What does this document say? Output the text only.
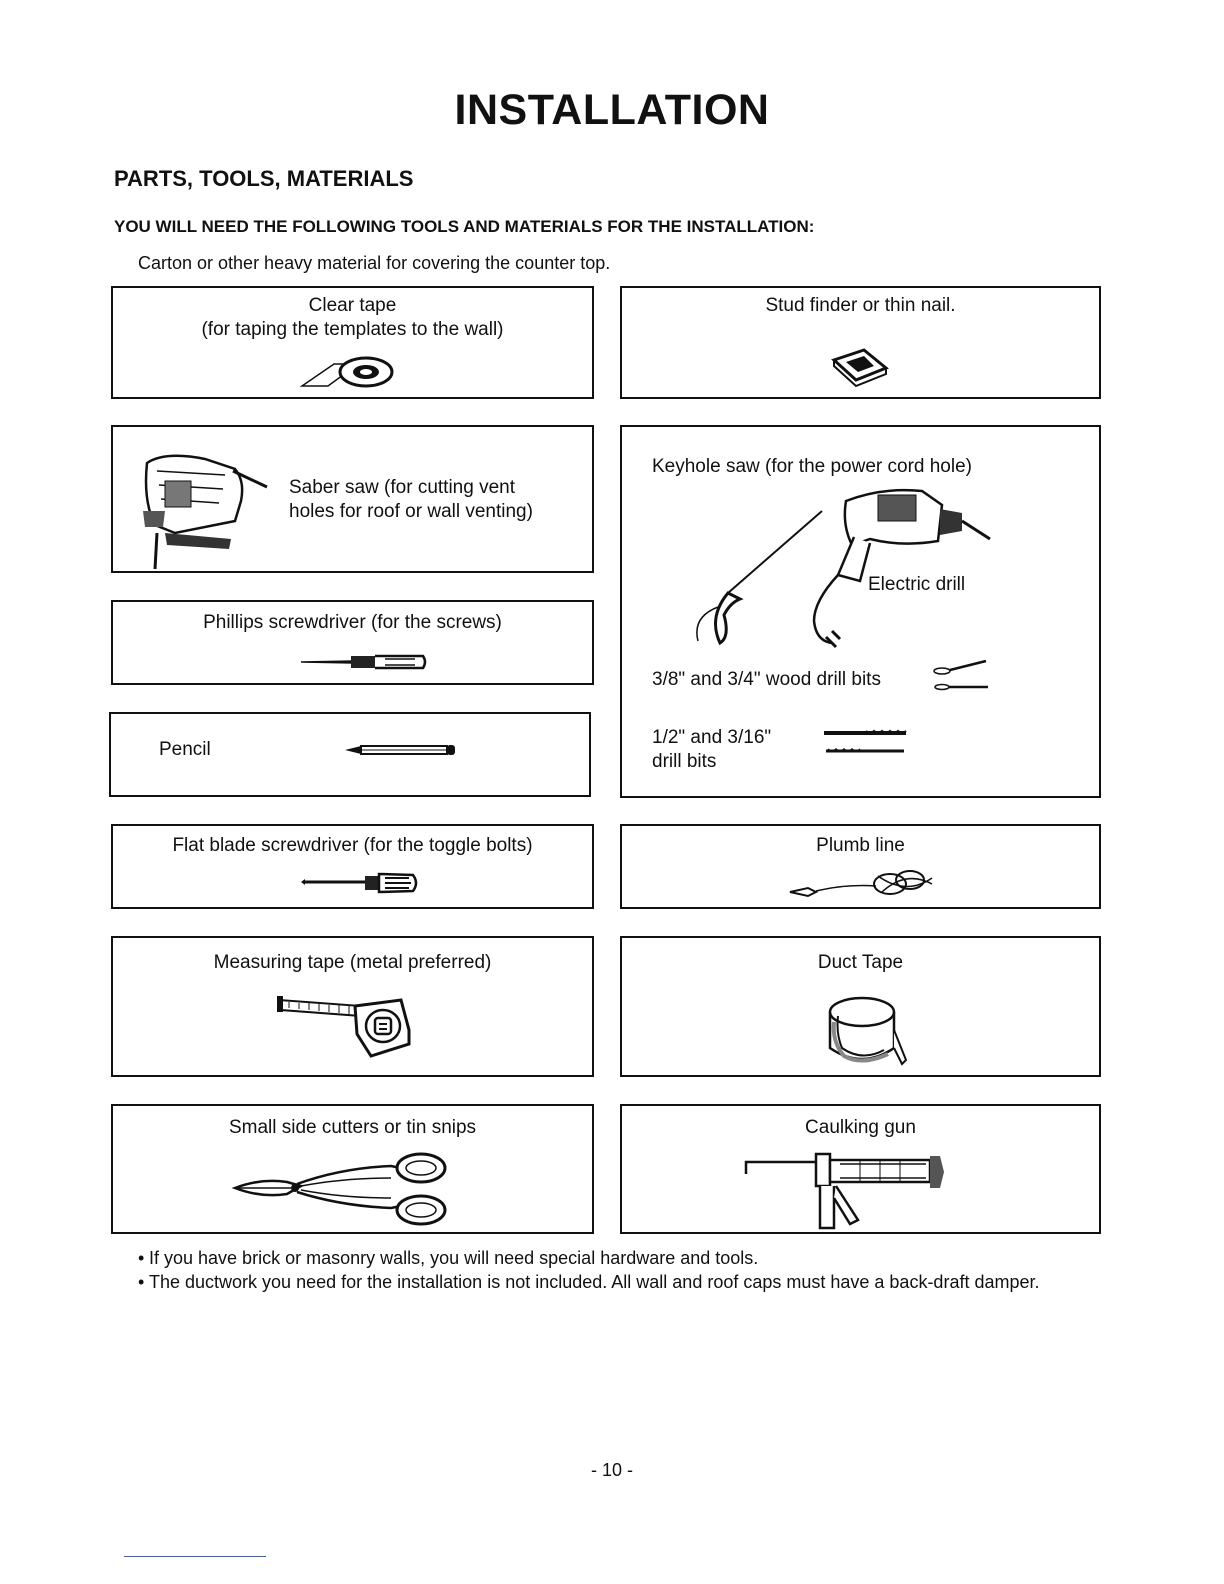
INSTALLATION
PARTS, TOOLS, MATERIALS
YOU WILL NEED THE FOLLOWING TOOLS AND MATERIALS FOR THE INSTALLATION:
Carton or other heavy material for covering the counter top.
Clear tape
(for taping the templates to the wall)
Stud finder or thin nail.
Saber saw (for cutting vent
holes for roof or wall venting)
Phillips screwdriver (for the screws)
Pencil
Keyhole saw (for the power cord hole)
Electric drill
3/8" and 3/4" wood drill bits
1/2" and 3/16"
drill bits
Flat blade screwdriver (for the toggle bolts)	Plumb line
Measuring tape (metal preferred)	Duct Tape
Small side cutters or tin snips	Caulking gun
• If you have brick or masonry walls, you will need special hardware and tools.
• The ductwork you need for the installation is not included. All wall and roof caps must have a back-draft damper.
- 10 -
